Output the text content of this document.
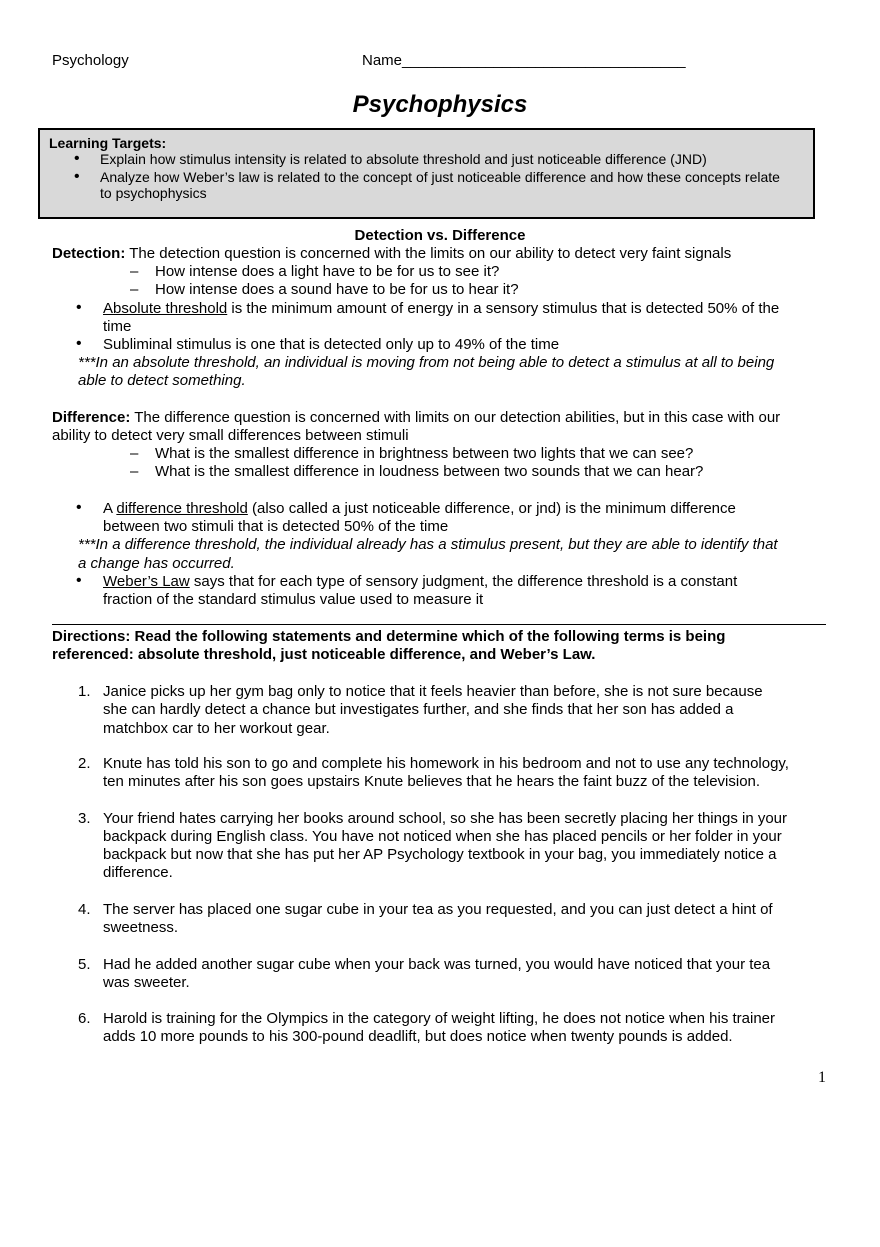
Psychology	Name__________________________________
Psychophysics
Learning Targets:
• Explain how stimulus intensity is related to absolute threshold and just noticeable difference (JND)
• Analyze how Weber’s law is related to the concept of just noticeable difference and how these concepts relate
to psychophysics
Detection vs. Difference
Detection: The detection question is concerned with the limits on our ability to detect very faint signals
– How intense does a light have to be for us to see it?
– How intense does a sound have to be for us to hear it?
• Absolute threshold is the minimum amount of energy in a sensory stimulus that is detected 50% of the
time
• Subliminal stimulus is one that is detected only up to 49% of the time
***In an absolute threshold, an individual is moving from not being able to detect a stimulus at all to being
able to detect something.
Difference: The difference question is concerned with limits on our detection abilities, but in this case with our
ability to detect very small differences between stimuli
– What is the smallest difference in brightness between two lights that we can see?
– What is the smallest difference in loudness between two sounds that we can hear?
• A difference threshold (also called a just noticeable difference, or jnd) is the minimum difference
between two stimuli that is detected 50% of the time
***In a difference threshold, the individual already has a stimulus present, but they are able to identify that
a change has occurred.
• Weber’s Law says that for each type of sensory judgment, the difference threshold is a constant
fraction of the standard stimulus value used to measure it
Directions: Read the following statements and determine which of the following terms is being
referenced: absolute threshold, just noticeable difference, and Weber’s Law.
1. Janice picks up her gym bag only to notice that it feels heavier than before, she is not sure because
she can hardly detect a chance but investigates further, and she finds that her son has added a
matchbox car to her workout gear.
2. Knute has told his son to go and complete his homework in his bedroom and not to use any technology,
ten minutes after his son goes upstairs Knute believes that he hears the faint buzz of the television.
3. Your friend hates carrying her books around school, so she has been secretly placing her things in your
backpack during English class. You have not noticed when she has placed pencils or her folder in your
backpack but now that she has put her AP Psychology textbook in your bag, you immediately notice a
difference.
4. The server has placed one sugar cube in your tea as you requested, and you can just detect a hint of
sweetness.
5. Had he added another sugar cube when your back was turned, you would have noticed that your tea
was sweeter.
6. Harold is training for the Olympics in the category of weight lifting, he does not notice when his trainer
adds 10 more pounds to his 300-pound deadlift, but does notice when twenty pounds is added.
1
